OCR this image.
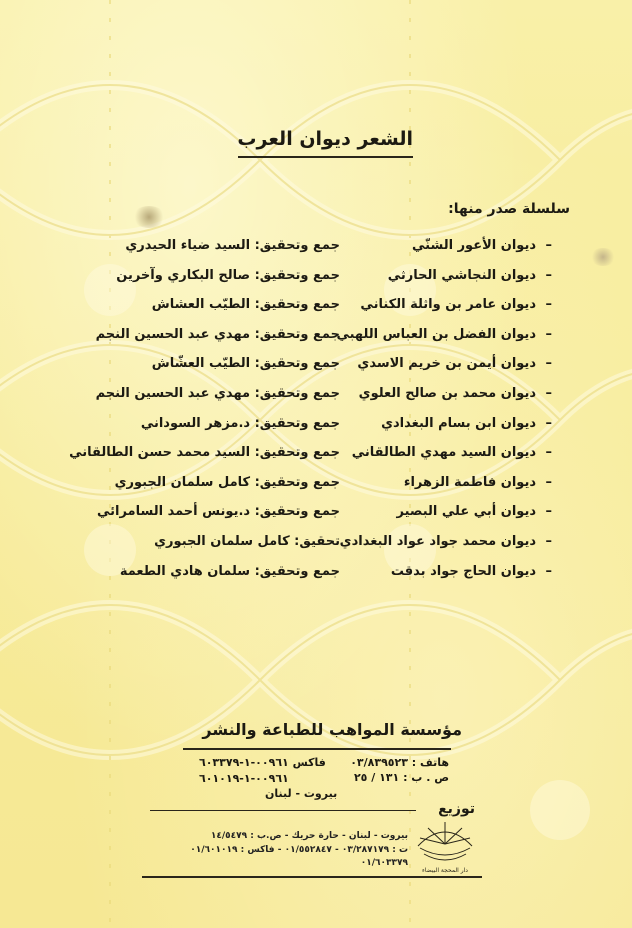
الشعر ديوان العرب
سلسلة صدر منها:
–
ديوان الأعور الشنّي
جمع وتحقيق: السيد ضياء الحيدري
–
ديوان النجاشي الحارثي
جمع وتحقيق: صالح البكاري وآخرين
–
ديوان عامر بن واثلة الكناني
جمع وتحقيق: الطيّب العشاش
–
ديوان الفضل بن العباس اللهبي
جمع وتحقيق: مهدي عبد الحسين النجم
–
ديوان أيمن بن خريم الاسدي
جمع وتحقيق: الطيّب العشّاش
–
ديوان محمد بن صالح العلوي
جمع وتحقيق: مهدي عبد الحسين النجم
–
ديوان ابن بسام البغدادي
جمع وتحقيق: د.مزهر السوداني
–
ديوان السيد مهدي الطالقاني
جمع وتحقيق: السيد محمد حسن الطالقاني
–
ديوان فاطمة الزهراء
جمع وتحقيق: كامل سلمان الجبوري
–
ديوان أبي علي البصير
جمع وتحقيق: د.يونس أحمد السامرائي
–
ديوان محمد جواد عواد البغدادي
تحقيق: كامل سلمان الجبوري
–
ديوان الحاج جواد بدقت
جمع وتحقيق: سلمان هادي الطعمة
مؤسسة المواهب للطباعة والنشر
هاتف : ٠٣/٨٣٩٥٢٣
فاكس ٠٠٩٦١-١-٦٠٣٣٧٩
ص . ب : ١٣١ / ٢٥
٠٠٩٦١-١-٦٠١٠١٩
بيروت - لبنان
توزيع
دار المحجة البيضاء
بيروت - لبنان - حارة حريك - ص.ب : ١٤/٥٤٧٩
ت : ٠٣/٢٨٧١٧٩ - ٠١/٥٥٢٨٤٧ - فاكس : ٠١/٦٠١٠١٩
٠١/٦٠٣٣٧٩
